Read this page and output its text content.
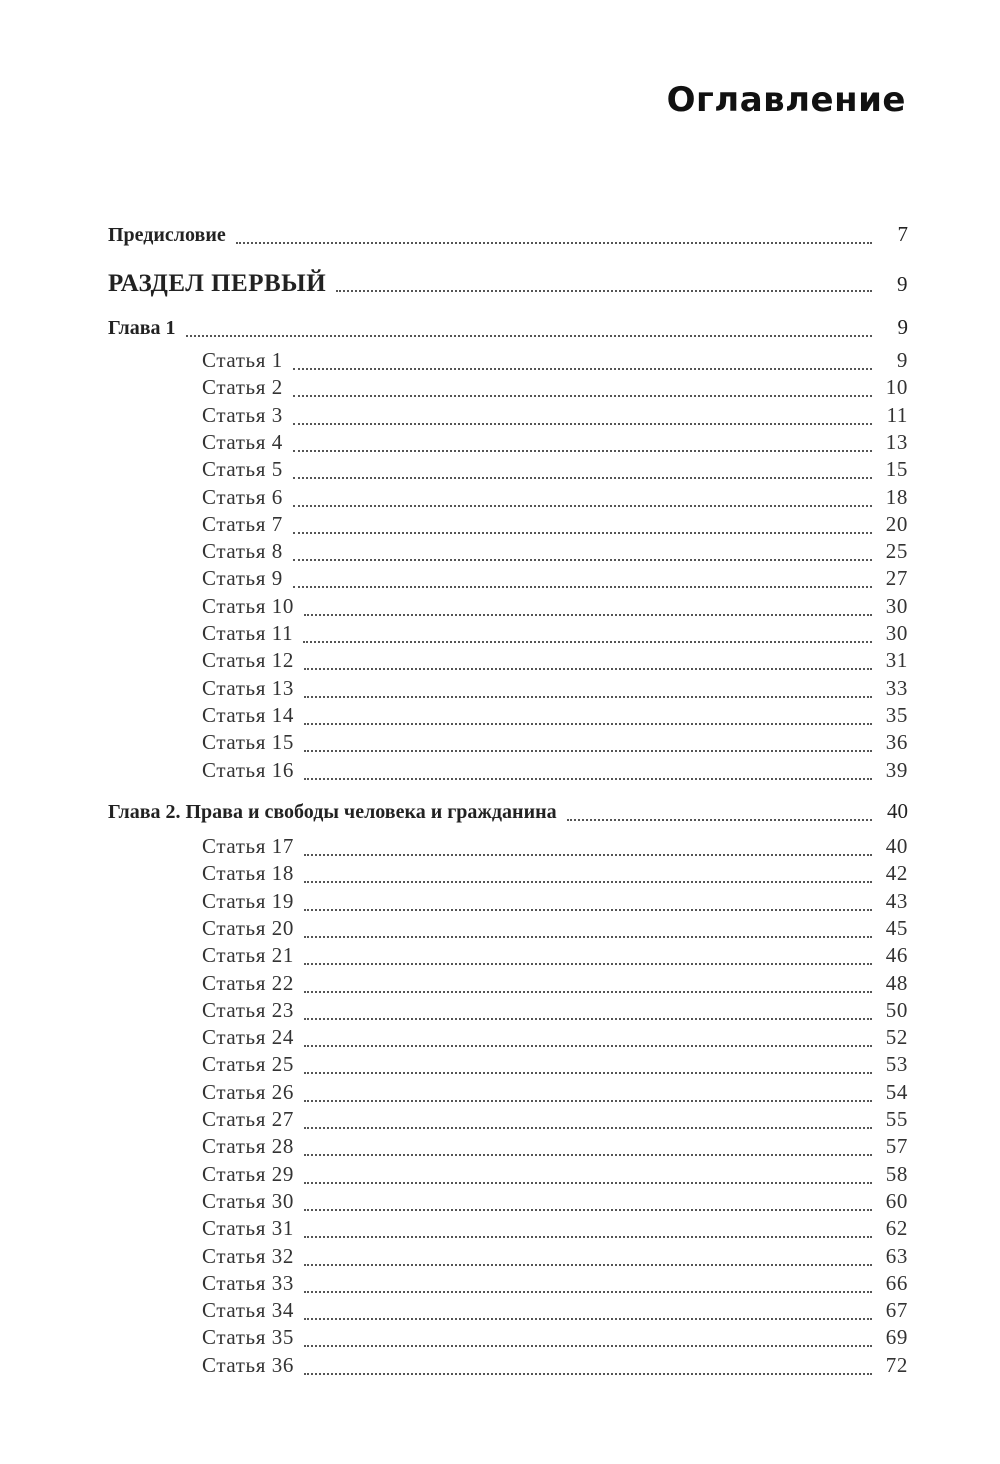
Оглавление
Предисловие	7
РАЗДЕЛ ПЕРВЫЙ	9
Глава 1	9
Статья 1	9
Статья 2	10
Статья 3	11
Статья 4	13
Статья 5	15
Статья 6	18
Статья 7	20
Статья 8	25
Статья 9	27
Статья 10	30
Статья 11	30
Статья 12	31
Статья 13	33
Статья 14	35
Статья 15	36
Статья 16	39
Глава 2. Права и свободы человека и гражданина	40
Статья 17	40
Статья 18	42
Статья 19	43
Статья 20	45
Статья 21	46
Статья 22	48
Статья 23	50
Статья 24	52
Статья 25	53
Статья 26	54
Статья 27	55
Статья 28	57
Статья 29	58
Статья 30	60
Статья 31	62
Статья 32	63
Статья 33	66
Статья 34	67
Статья 35	69
Статья 36	72
